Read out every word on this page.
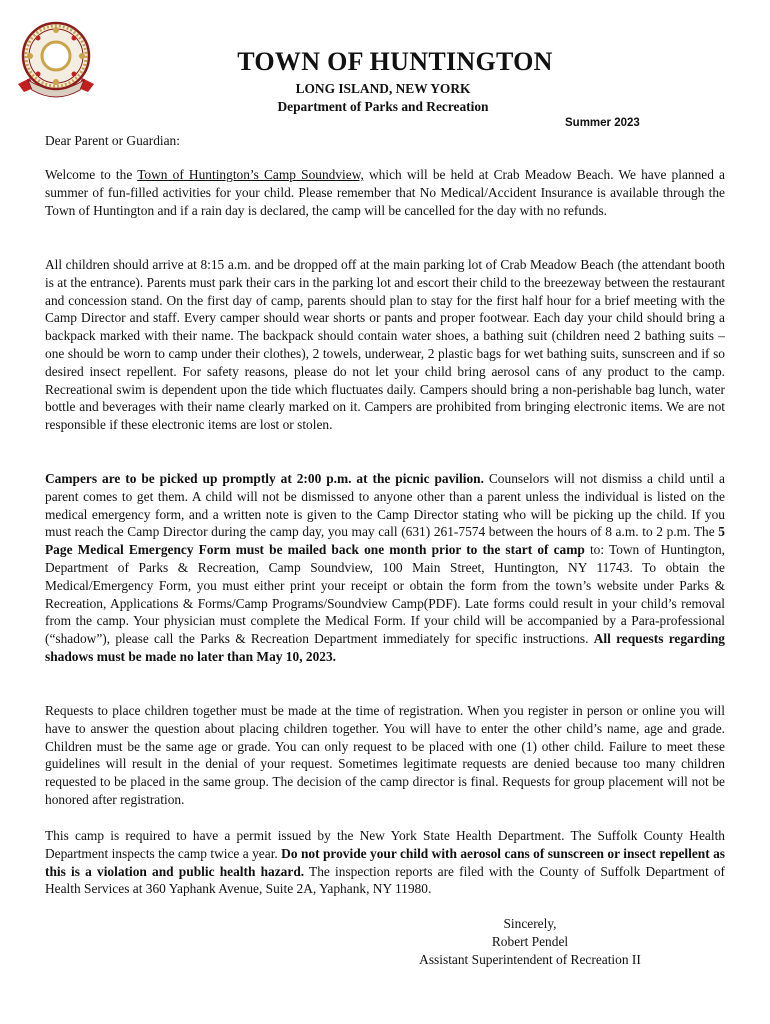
TOWN OF HUNTINGTON
LONG ISLAND, NEW YORK
Department of Parks and Recreation
Summer 2023
Dear Parent or Guardian:

Welcome to the Town of Huntington’s Camp Soundview, which will be held at Crab Meadow Beach. We have planned a summer of fun-filled activities for your child. Please remember that No Medical/Accident Insurance is available through the Town of Huntington and if a rain day is declared, the camp will be cancelled for the day with no refunds.

All children should arrive at 8:15 a.m. and be dropped off at the main parking lot of Crab Meadow Beach (the attendant booth is at the entrance). Parents must park their cars in the parking lot and escort their child to the breezeway between the restaurant and concession stand. On the first day of camp, parents should plan to stay for the first half hour for a brief meeting with the Camp Director and staff. Every camper should wear shorts or pants and proper footwear. Each day your child should bring a backpack marked with their name. The backpack should contain water shoes, a bathing suit (children need 2 bathing suits – one should be worn to camp under their clothes), 2 towels, underwear, 2 plastic bags for wet bathing suits, sunscreen and if so desired insect repellent. For safety reasons, please do not let your child bring aerosol cans of any product to the camp. Recreational swim is dependent upon the tide which fluctuates daily. Campers should bring a non-perishable bag lunch, water bottle and beverages with their name clearly marked on it. Campers are prohibited from bringing electronic items. We are not responsible if these electronic items are lost or stolen.

Campers are to be picked up promptly at 2:00 p.m. at the picnic pavilion. Counselors will not dismiss a child until a parent comes to get them. A child will not be dismissed to anyone other than a parent unless the individual is listed on the medical emergency form, and a written note is given to the Camp Director stating who will be picking up the child. If you must reach the Camp Director during the camp day, you may call (631) 261-7574 between the hours of 8 a.m. to 2 p.m. The 5 Page Medical Emergency Form must be mailed back one month prior to the start of camp to: Town of Huntington, Department of Parks & Recreation, Camp Soundview, 100 Main Street, Huntington, NY 11743. To obtain the Medical/Emergency Form, you must either print your receipt or obtain the form from the town’s website under Parks & Recreation, Applications & Forms/Camp Programs/Soundview Camp(PDF). Late forms could result in your child’s removal from the camp. Your physician must complete the Medical Form. If your child will be accompanied by a Para-professional (“shadow”), please call the Parks & Recreation Department immediately for specific instructions. All requests regarding shadows must be made no later than May 10, 2023.

Requests to place children together must be made at the time of registration. When you register in person or online you will have to answer the question about placing children together. You will have to enter the other child’s name, age and grade. Children must be the same age or grade. You can only request to be placed with one (1) other child. Failure to meet these guidelines will result in the denial of your request. Sometimes legitimate requests are denied because too many children requested to be placed in the same group. The decision of the camp director is final. Requests for group placement will not be honored after registration.

This camp is required to have a permit issued by the New York State Health Department. The Suffolk County Health Department inspects the camp twice a year. Do not provide your child with aerosol cans of sunscreen or insect repellent as this is a violation and public health hazard. The inspection reports are filed with the County of Suffolk Department of Health Services at 360 Yaphank Avenue, Suite 2A, Yaphank, NY 11980.

Sincerely,
Robert Pendel
Assistant Superintendent of Recreation II
